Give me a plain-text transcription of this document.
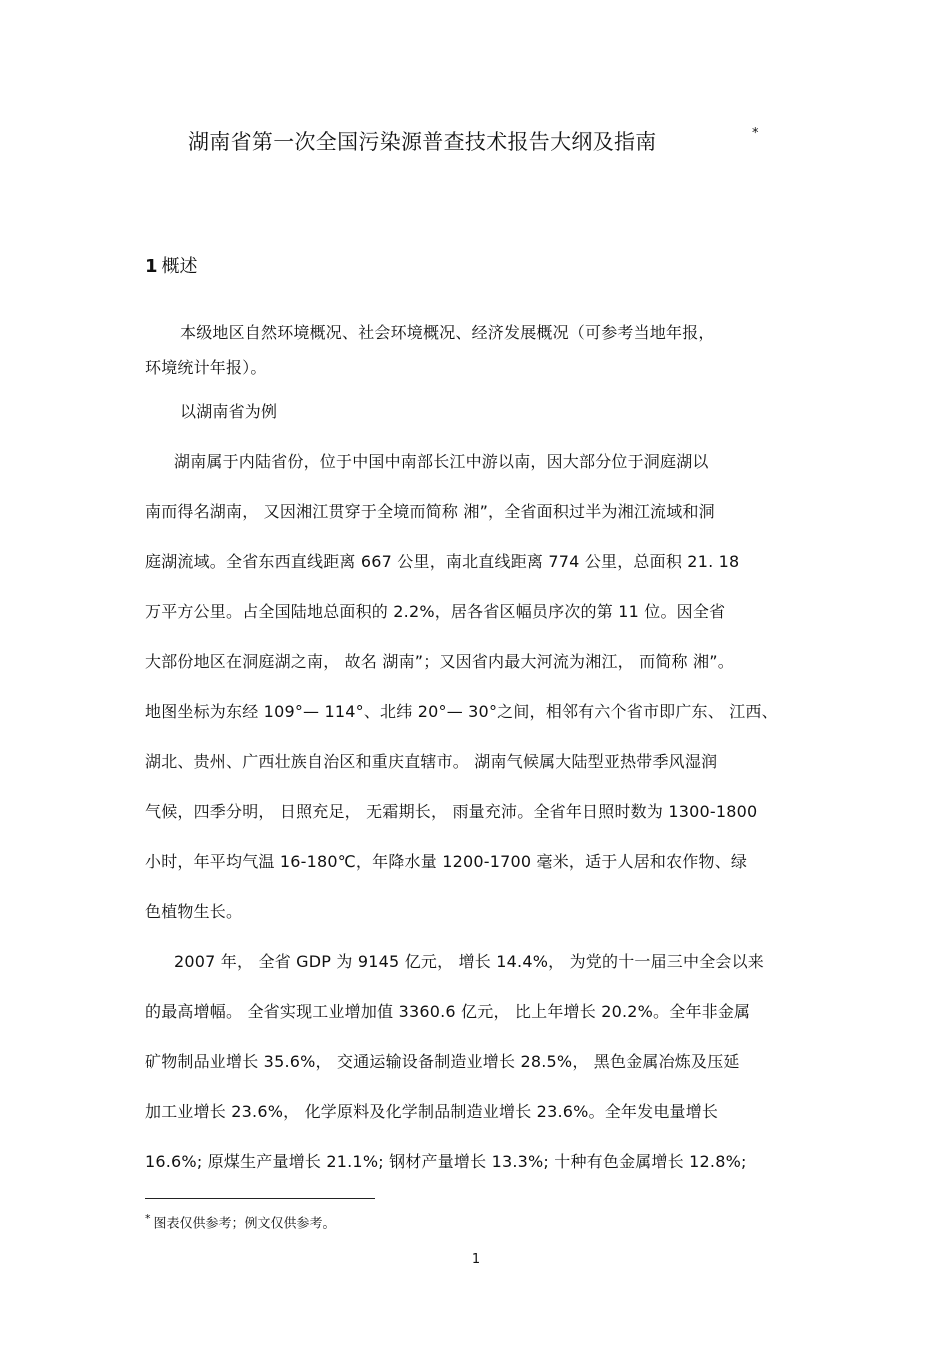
湖南省第一次全国污染源普查技术报告大纲及指南	*
1 概述
本级地区自然环境概况、社会环境概况、经济发展概况（可参考当地年报，
环境统计年报）。
以湖南省为例
湖南属于内陆省份，位于中国中南部长江中游以南，因大部分位于洞庭湖以
南而得名湖南， 又因湘江贯穿于全境而简称 湘”，全省面积过半为湘江流域和洞
庭湖流域。全省东西直线距离 667 公里，南北直线距离 774 公里，总面积 21. 18
万平方公里。占全国陆地总面积的 2.2%，居各省区幅员序次的第 11 位。因全省
大部份地区在洞庭湖之南， 故名 湖南”；又因省内最大河流为湘江， 而简称 湘”。
地图坐标为东经 109°— 114°、北纬 20°— 30°之间，相邻有六个省市即广东、 江西、
湖北、贵州、广西壮族自治区和重庆直辖市。 湖南气候属大陆型亚热带季风湿润
气候，四季分明， 日照充足， 无霜期长， 雨量充沛。全省年日照时数为 1300-1800
小时，年平均气温 16-180℃，年降水量 1200-1700 毫米，适于人居和农作物、绿
色植物生长。
2007 年， 全省 GDP 为 9145 亿元， 增长 14.4%， 为党的十一届三中全会以来
的最高增幅。 全省实现工业增加值 3360.6 亿元， 比上年增长 20.2%。全年非金属
矿物制品业增长 35.6%， 交通运输设备制造业增长 28.5%， 黑色金属冶炼及压延
加工业增长 23.6%， 化学原料及化学制品制造业增长 23.6%。全年发电量增长
16.6%; 原煤生产量增长 21.1%; 钢材产量增长 13.3%; 十种有色金属增长 12.8%;
* 图表仅供参考；例文仅供参考。
1
